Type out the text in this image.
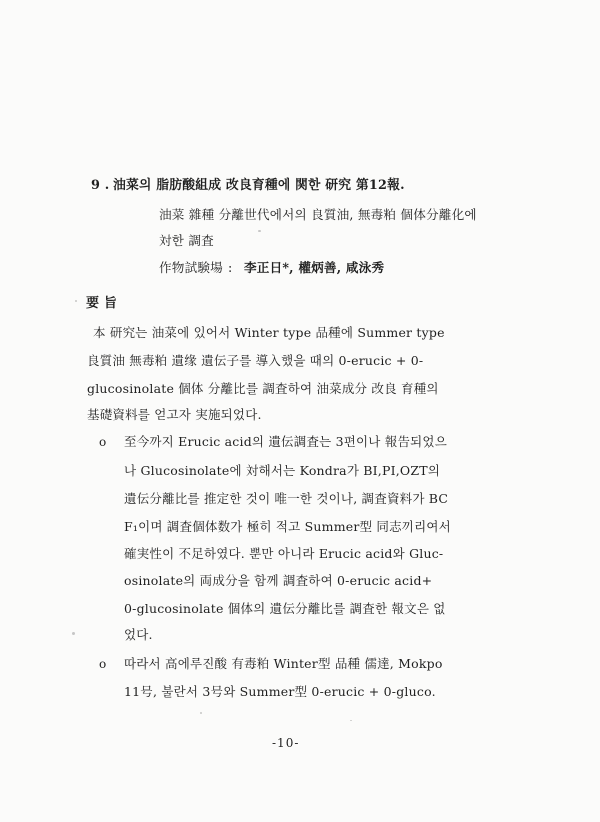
9 . 油菜의 脂肪酸組成 改良育種에 関한 研究 第12報.
油菜 雜種 分離世代에서의 良質油, 無毒粕 個体分離化에
対한 調査
作物試験場 : 李正日*, 權炳善, 咸泳秀
要 旨
本 研究는 油菜에 있어서 Winter type 品種에 Summer type
良質油 無毒粕 遺缘 遺伝子를 導入했을 때의 0-erucic + 0-
glucosinolate 個体 分離比를 調査하여 油菜成分 改良 育種의
基礎資料를 얻고자 実施되었다.
o 至今까지 Erucic acid의 遺伝調査는 3편이나 報告되었으
나 Glucosinolate에 対해서는 Kondra가 BⅠ,PⅠ,OZT의
遺伝分離比를 推定한 것이 唯一한 것이나, 調査資料가 BC
F₁이며 調査個体数가 極히 적고 Summer型 同志끼리여서
確実性이 不足하였다. 뿐만 아니라 Erucic acid와 Gluc-
osinolate의 両成分을 함께 調査하여 0-erucic acid+
0-glucosinolate 個体의 遺伝分離比를 調査한 報文은 없
었다.
o 따라서 高에루진酸 有毒粕 Winter型 品種 儒達, Mokpo
11号, 불란서 3号와 Summer型 0-erucic + 0-gluco.
-10-
